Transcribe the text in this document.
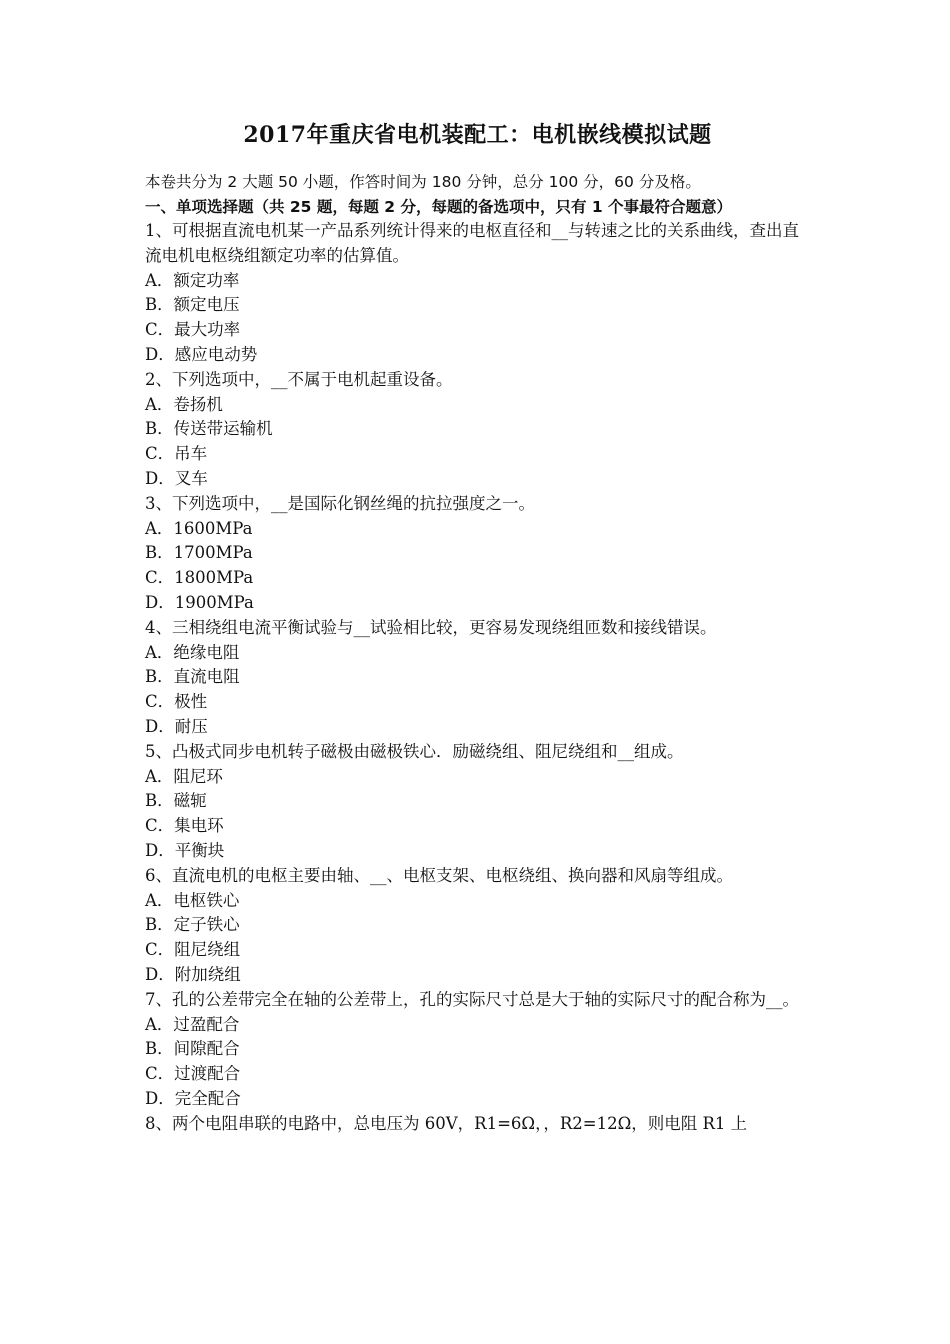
2017年重庆省电机装配工：电机嵌线模拟试题
本卷共分为 2 大题 50 小题，作答时间为 180 分钟，总分 100 分，60 分及格。
一、单项选择题（共 25 题，每题 2 分，每题的备选项中，只有 1 个事最符合题意）
1、可根据直流电机某一产品系列统计得来的电枢直径和__与转速之比的关系曲线，查出直流电机电枢绕组额定功率的估算值。
A．额定功率
B．额定电压
C．最大功率
D．感应电动势
2、下列选项中，__不属于电机起重设备。
A．卷扬机
B．传送带运输机
C．吊车
D．叉车
3、下列选项中，__是国际化钢丝绳的抗拉强度之一。
A．1600MPa
B．1700MPa
C．1800MPa
D．1900MPa
4、三相绕组电流平衡试验与__试验相比较，更容易发现绕组匝数和接线错误。
A．绝缘电阻
B．直流电阻
C．极性
D．耐压
5、凸极式同步电机转子磁极由磁极铁心．励磁绕组、阻尼绕组和__组成。
A．阻尼环
B．磁轭
C．集电环
D．平衡块
6、直流电机的电枢主要由轴、__、电枢支架、电枢绕组、换向器和风扇等组成。
A．电枢铁心
B．定子铁心
C．阻尼绕组
D．附加绕组
7、孔的公差带完全在轴的公差带上，孔的实际尺寸总是大于轴的实际尺寸的配合称为__。
A．过盈配合
B．间隙配合
C．过渡配合
D．完全配合
8、两个电阻串联的电路中，总电压为 60V，R1=6Ω，，R2=12Ω，则电阻 R1 上
